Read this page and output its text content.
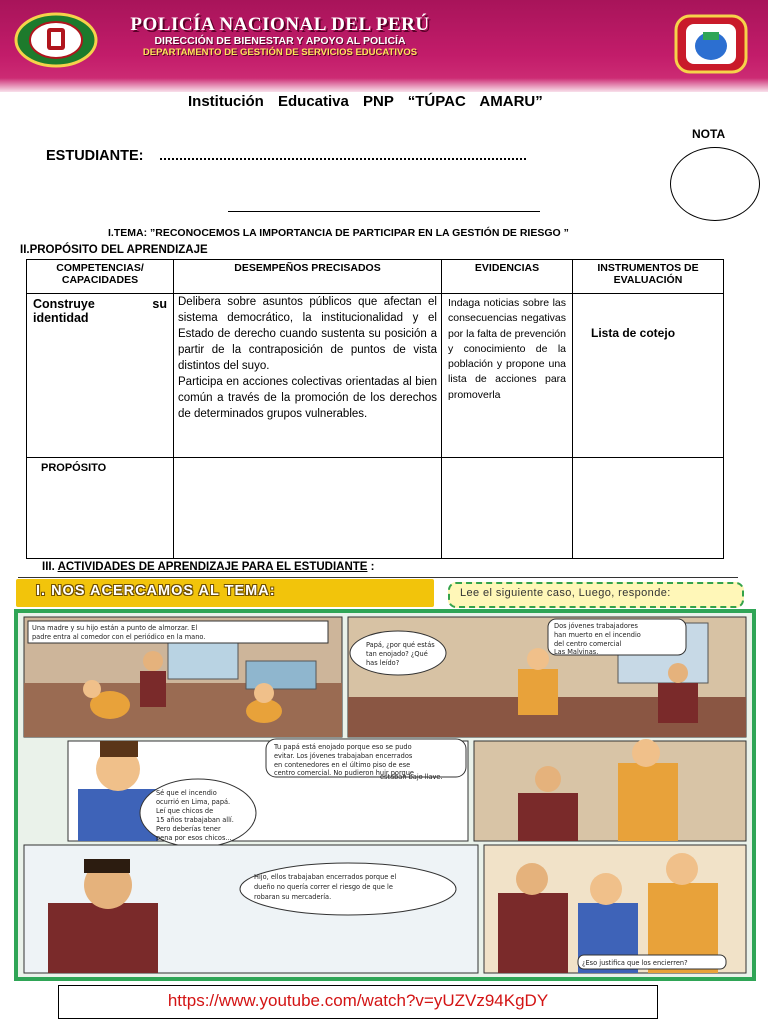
POLICÍA NACIONAL DEL PERÚ
DIRECCIÓN DE BIENESTAR Y APOYO AL POLICÍA
DEPARTAMENTO DE GESTIÓN DE SERVICIOS EDUCATIVOS
Institución Educativa PNP “TÚPAC AMARU”
NOTA
ESTUDIANTE:
I.TEMA: ”RECONOCEMOS LA IMPORTANCIA DE PARTICIPAR EN LA GESTIÓN DE RIESGO ”
II.PROPÓSITO DEL APRENDIZAJE
COMPETENCIAS/ CAPACIDADES	DESEMPEÑOS PRECISADOS	EVIDENCIAS	INSTRUMENTOS DE EVALUACIÓN
Construye su identidad	Delibera sobre asuntos públicos que afectan el sistema democrático, la institucionalidad y el Estado de derecho cuando sustenta su posición a partir de la contraposición de puntos de vista distintos del suyo.
Participa en acciones colectivas orientadas al bien común a través de la promoción de los derechos de determinados grupos vulnerables.	Indaga noticias sobre las consecuencias negativas por la falta de prevención y conocimiento de la población y propone una lista de acciones para promoverla	Lista de cotejo
PROPÓSITO			
III. ACTIVIDADES DE APRENDIZAJE PARA EL ESTUDIANTE :
I. NOS ACERCAMOS AL TEMA:	Lee el siguiente caso, Luego, responde:
Una madre y su hijo están a punto de almorzar. El
padre entra al comedor con el periódico en la mano.
Papá, ¿por qué estás
tan enojado? ¿Qué
has leído?
Dos jóvenes trabajadores
han muerto en el incendio
del centro comercial
Las Malvinas.
Tu papá está enojado porque eso se pudo
evitar. Los jóvenes trabajaban encerrados
en contenedores en el último piso de ese
centro comercial. No pudieron huir porque
Sé que el incendio
ocurrió en Lima, papá.
Leí que chicos de
15 años trabajaban allí.
Pero deberías tener
pena por esos chicos...
estaban bajo llave.
Hijo, ellos trabajaban encerrados porque el
dueño no quería correr el riesgo de que le
robaran su mercadería.
¿Eso justifica que los encierren?
https://www.youtube.com/watch?v=yUZVz94KgDY
